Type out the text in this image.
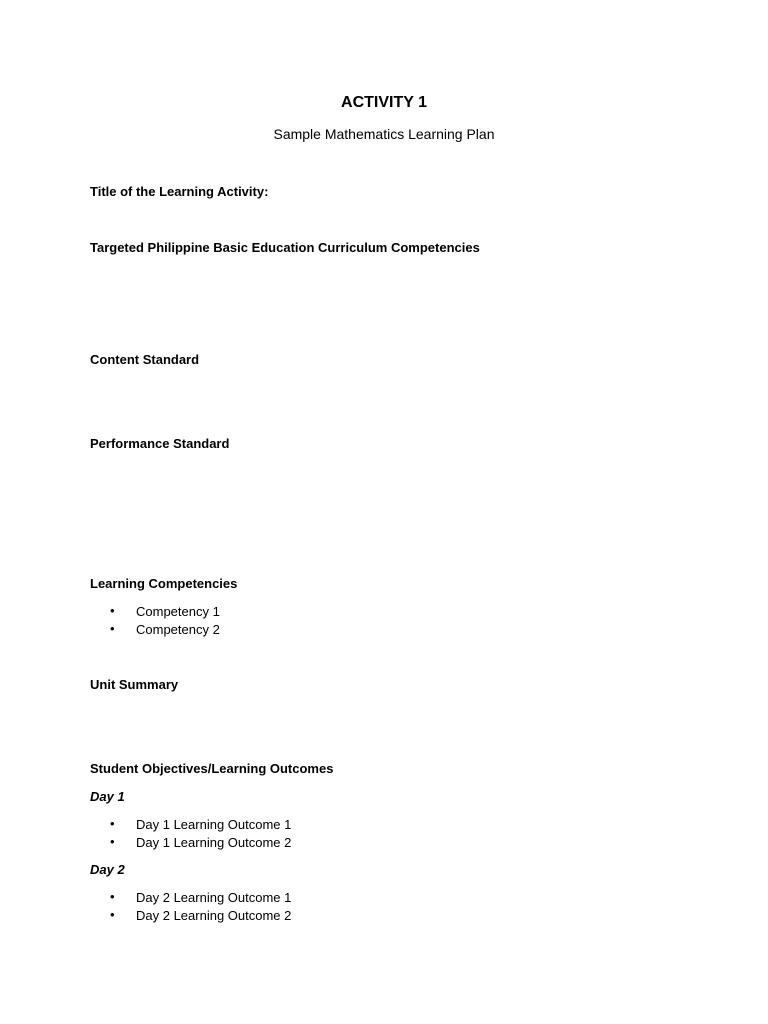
ACTIVITY 1
Sample Mathematics Learning Plan
Title of the Learning Activity:
Targeted Philippine Basic Education Curriculum Competencies
Content Standard
Performance Standard
Learning Competencies
• Competency 1
• Competency 2
Unit Summary
Student Objectives/Learning Outcomes
Day 1
• Day 1 Learning Outcome 1
• Day 1 Learning Outcome 2
Day 2
• Day 2 Learning Outcome 1
• Day 2 Learning Outcome 2
